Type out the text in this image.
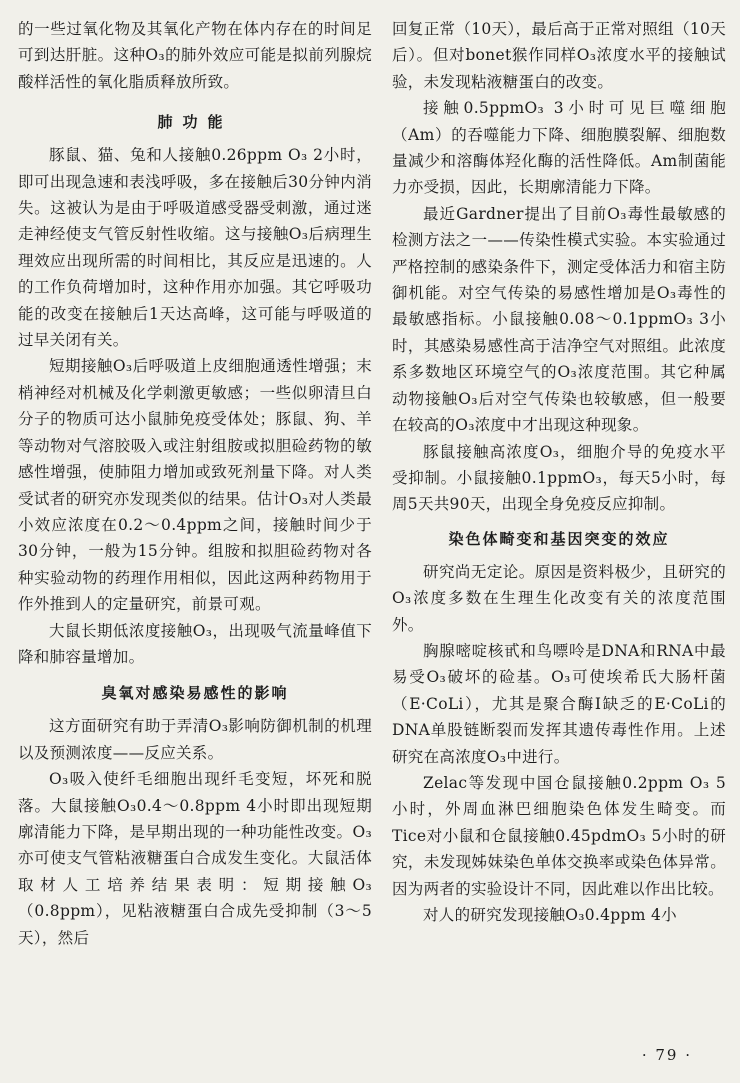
的一些过氧化物及其氧化产物在体内存在的时间足可到达肝脏。这种O₃的肺外效应可能是拟前列腺烷酸样活性的氧化脂质释放所致。

肺功能

豚鼠、猫、兔和人接触0.26ppm O₃ 2小时，即可出现急速和表浅呼吸，多在接触后30分钟内消失。这被认为是由于呼吸道感受器受刺激，通过迷走神经使支气管反射性收缩。这与接触O₃后病理生理效应出现所需的时间相比，其反应是迅速的。人的工作负荷增加时，这种作用亦加强。其它呼吸功能的改变在接触后1天达高峰，这可能与呼吸道的过早关闭有关。

短期接触O₃后呼吸道上皮细胞通透性增强；末梢神经对机械及化学刺激更敏感；一些似卵清旦白分子的物质可达小鼠肺免疫受体处；豚鼠、狗、羊等动物对气溶胶吸入或注射组胺或拟胆硷药物的敏感性增强，使肺阻力增加或致死剂量下降。对人类受试者的研究亦发现类似的结果。估计O₃对人类最小效应浓度在0.2～0.4ppm之间，接触时间少于30分钟，一般为15分钟。组胺和拟胆硷药物对各种实验动物的药理作用相似，因此这两种药物用于作外推到人的定量研究，前景可观。

大鼠长期低浓度接触O₃，出现吸气流量峰值下降和肺容量增加。

臭氧对感染易感性的影响

这方面研究有助于弄清O₃影响防御机制的机理以及预测浓度——反应关系。

O₃吸入使纤毛细胞出现纤毛变短，坏死和脱落。大鼠接触O₃0.4～0.8ppm 4小时即出现短期廓清能力下降，是早期出现的一种功能性改变。O₃亦可使支气管粘液糖蛋白合成发生变化。大鼠活体取材人工培养结果表明：短期接触O₃（0.8ppm），见粘液糖蛋白合成先受抑制（3～5天），然后

回复正常（10天），最后高于正常对照组（10天后）。但对bonet猴作同样O₃浓度水平的接触试验，未发现粘液糖蛋白的改变。

接触0.5ppmO₃ 3小时可见巨噬细胞（Am）的吞噬能力下降、细胞膜裂解、细胞数量减少和溶酶体羟化酶的活性降低。Am制菌能力亦受损，因此，长期廓清能力下降。

最近Gardner提出了目前O₃毒性最敏感的检测方法之一——传染性模式实验。本实验通过严格控制的感染条件下，测定受体活力和宿主防御机能。对空气传染的易感性增加是O₃毒性的最敏感指标。小鼠接触0.08～0.1ppmO₃ 3小时，其感染易感性高于洁净空气对照组。此浓度系多数地区环境空气的O₃浓度范围。其它种属动物接触O₃后对空气传染也较敏感，但一般要在较高的O₃浓度中才出现这种现象。

豚鼠接触高浓度O₃，细胞介导的免疫水平受抑制。小鼠接触0.1ppmO₃，每天5小时，每周5天共90天，出现全身免疫反应抑制。

染色体畸变和基因突变的效应

研究尚无定论。原因是资料极少，且研究的O₃浓度多数在生理生化改变有关的浓度范围外。

胸腺嘧啶核甙和鸟嘌呤是DNA和RNA中最易受O₃破坏的硷基。O₃可使埃希氏大肠杆菌（E·CoLi），尤其是聚合酶I缺乏的E·CoLi的DNA单股链断裂而发挥其遗传毒性作用。上述研究在高浓度O₃中进行。

Zelac等发现中国仓鼠接触0.2ppm O₃ 5小时，外周血淋巴细胞染色体发生畸变。而Tice对小鼠和仓鼠接触0.45pdmO₃ 5小时的研究，未发现姊妹染色单体交换率或染色体异常。因为两者的实验设计不同，因此难以作出比较。

对人的研究发现接触O₃0.4ppm 4小

· 79 ·
